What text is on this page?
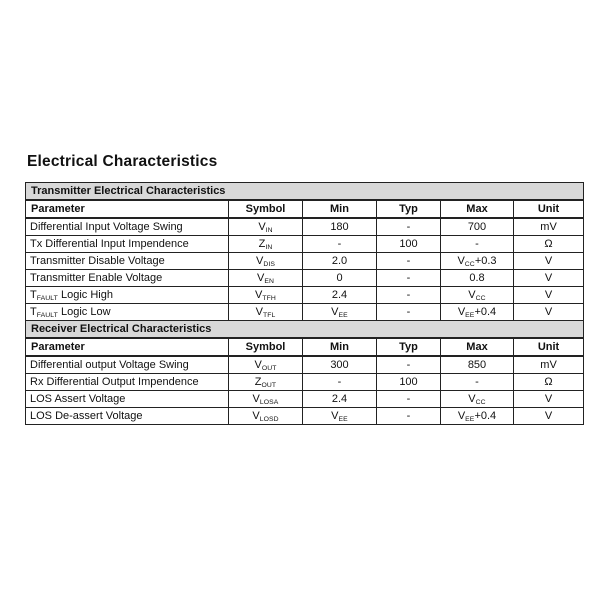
Electrical Characteristics
Transmitter Electrical Characteristics					
Parameter	Symbol	Min	Typ	Max	Unit
Differential Input Voltage Swing	$V_{IN}$	180	-	700	mV
Tx Differential Input Impendence	$Z_{IN}$	-	100	-	Ω
Transmitter Disable Voltage	$V_{DIS}$	2.0	-	$V_{CC}+0.3$	V
Transmitter Enable Voltage	$V_{EN}$	0	-	0.8	V
$T_{FAULT}$ Logic High	$V_{TFH}$	2.4	-	$V_{CC}$	V
$T_{FAULT}$ Logic Low	$V_{TFL}$	$V_{EE}$	-	$V_{EE}+0.4$	V
Receiver Electrical Characteristics					
Parameter	Symbol	Min	Typ	Max	Unit
Differential output Voltage Swing	$V_{OUT}$	300	-	850	mV
Rx Differential Output Impendence	$Z_{OUT}$	-	100	-	Ω
LOS Assert Voltage	$V_{LOSA}$	2.4	-	$V_{CC}$	V
LOS De-assert Voltage	$V_{LOSD}$	$V_{EE}$	-	$V_{EE}+0.4$	V
